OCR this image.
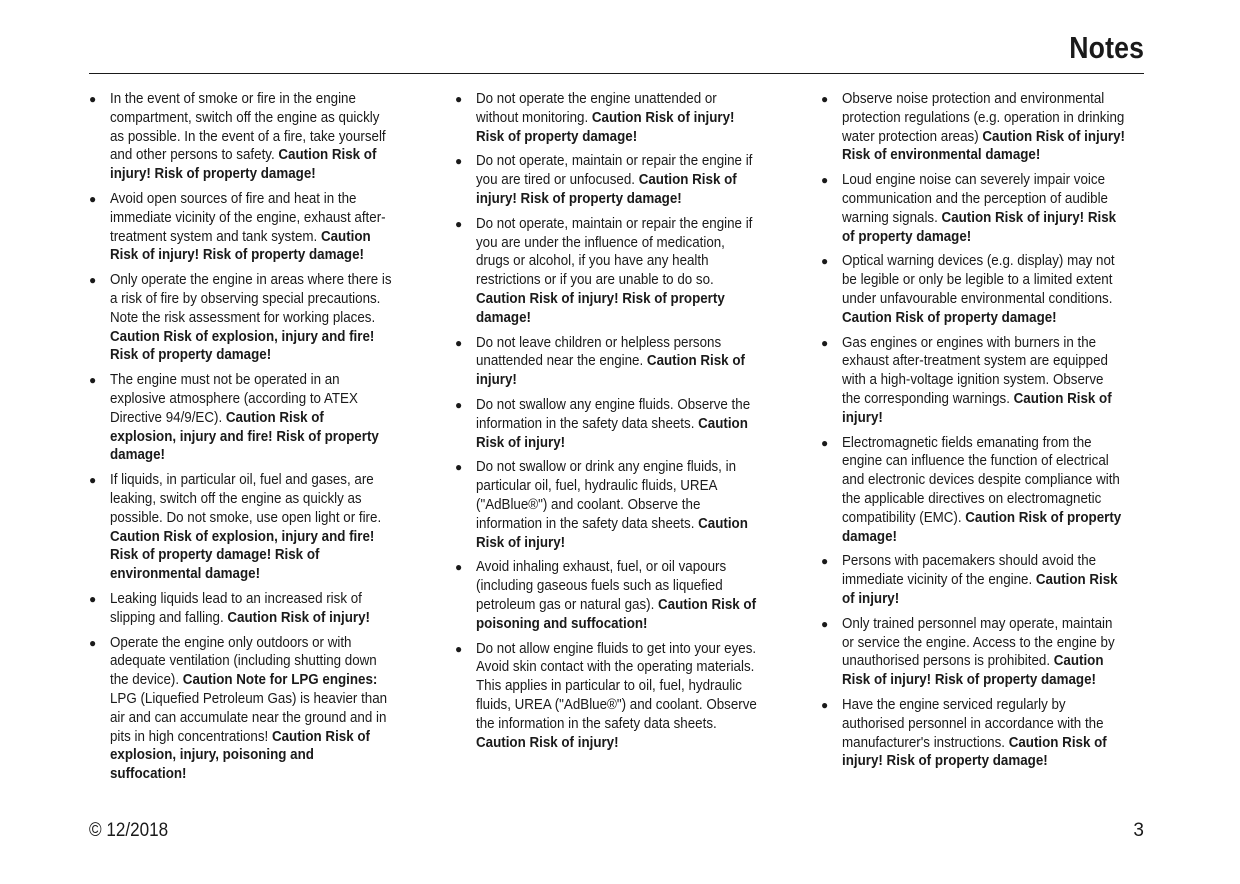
Notes
● In the event of smoke or fire in the engine compartment, switch off the engine as quickly as possible. In the event of a fire, take yourself and other persons to safety. Caution Risk of injury! Risk of property damage!
● Avoid open sources of fire and heat in the immediate vicinity of the engine, exhaust after-treatment system and tank system. Caution Risk of injury! Risk of property damage!
● Only operate the engine in areas where there is a risk of fire by observing special precautions. Note the risk assessment for working places. Caution Risk of explosion, injury and fire! Risk of property damage!
● The engine must not be operated in an explosive atmosphere (according to ATEX Directive 94/9/EC). Caution Risk of explosion, injury and fire! Risk of property damage!
● If liquids, in particular oil, fuel and gases, are leaking, switch off the engine as quickly as possible. Do not smoke, use open light or fire. Caution Risk of explosion, injury and fire! Risk of property damage! Risk of environmental damage!
● Leaking liquids lead to an increased risk of slipping and falling. Caution Risk of injury!
● Operate the engine only outdoors or with adequate ventilation (including shutting down the device). Caution Note for LPG engines: LPG (Liquefied Petroleum Gas) is heavier than air and can accumulate near the ground and in pits in high concentrations! Caution Risk of explosion, injury, poisoning and suffocation!
● Do not operate the engine unattended or without monitoring. Caution Risk of injury! Risk of property damage!
● Do not operate, maintain or repair the engine if you are tired or unfocused. Caution Risk of injury! Risk of property damage!
● Do not operate, maintain or repair the engine if you are under the influence of medication, drugs or alcohol, if you have any health restrictions or if you are unable to do so. Caution Risk of injury! Risk of property damage!
● Do not leave children or helpless persons unattended near the engine. Caution Risk of injury!
● Do not swallow any engine fluids. Observe the information in the safety data sheets. Caution Risk of injury!
● Do not swallow or drink any engine fluids, in particular oil, fuel, hydraulic fluids, UREA ("AdBlue®") and coolant. Observe the information in the safety data sheets. Caution Risk of injury!
● Avoid inhaling exhaust, fuel, or oil vapours (including gaseous fuels such as liquefied petroleum gas or natural gas). Caution Risk of poisoning and suffocation!
● Do not allow engine fluids to get into your eyes. Avoid skin contact with the operating materials. This applies in particular to oil, fuel, hydraulic fluids, UREA ("AdBlue®") and coolant. Observe the information in the safety data sheets. Caution Risk of injury!
● Observe noise protection and environmental protection regulations (e.g. operation in drinking water protection areas) Caution Risk of injury! Risk of environmental damage!
● Loud engine noise can severely impair voice communication and the perception of audible warning signals. Caution Risk of injury! Risk of property damage!
● Optical warning devices (e.g. display) may not be legible or only be legible to a limited extent under unfavourable environmental conditions. Caution Risk of property damage!
● Gas engines or engines with burners in the exhaust after-treatment system are equipped with a high-voltage ignition system. Observe the corresponding warnings. Caution Risk of injury!
● Electromagnetic fields emanating from the engine can influence the function of electrical and electronic devices despite compliance with the applicable directives on electromagnetic compatibility (EMC). Caution Risk of property damage!
● Persons with pacemakers should avoid the immediate vicinity of the engine. Caution Risk of injury!
● Only trained personnel may operate, maintain or service the engine. Access to the engine by unauthorised persons is prohibited. Caution Risk of injury! Risk of property damage!
● Have the engine serviced regularly by authorised personnel in accordance with the manufacturer's instructions. Caution Risk of injury! Risk of property damage!
© 12/2018	3
